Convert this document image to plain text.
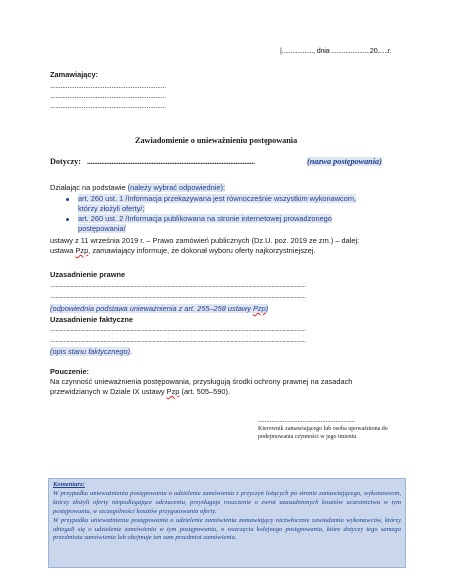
|.................., dnia ......................20......r.
Zamawiający:
..................................................................
..................................................................
..................................................................
Zawiadomienie o unieważnieniu postępowania
Dotyczy: ................................................................................................	(nazwa postępowania)
Działając na podstawie (należy wybrać odpowiednie):
art. 260 ust. 1 /Informacja przekazywana jest równocześnie wszystkim wykonawcom,
którzy złożyli oferty/;
art. 260 ust. 2 /Informacja publikowana na stronie internetowej prowadzonego
postępowania/
ustawy z 11 września 2019 r. – Prawo zamówień publicznych (Dz.U. poz. 2019 ze zm.) – dalej:
ustawa Pzp, zamawiający informuje, że dokonał wyboru oferty najkorzystniejszej.
Uzasadnienie prawne
...........................................................................................................................................................................................
...........................................................................................................................................................................................
(odpowiednia podstawa unieważnienia z art. 255–258 ustawy Pzp)
Uzasadnienie faktyczne
...........................................................................................................................................................................................
...........................................................................................................................................................................................
(opis stanu faktycznego).
Pouczenie:
Na czynność unieważnienia postępowania, przysługują środki ochrony prawnej na zasadach
przewidzianych w Dziale IX ustawy Pzp (art. 505–590).
...........................................................
Kierownik zamawiającego lub osoba upoważniona do
podejmowania czynności w jego imieniu
Komentarz:
W przypadku unieważnienia postępowania o udzielenie zamówienia z przyczyn leżących po stronie zamawiającego, wykonawcom, którzy złożyli oferty niepodlegające odrzuceniu, przysługuje roszczenie o zwrot uzasadnionych kosztów uczestnictwa w tym postępowaniu, w szczególności kosztów przygotowania oferty.
W przypadku unieważnienia postępowania o udzielenie zamówienia zamawiający niezwłocznie zawiadamia wykonawców, którzy ubiegali się o udzielenie zamówienia w tym postępowaniu, o wszczęciu kolejnego postępowania, które dotyczy tego samego przedmiotu zamówienia lub obejmuje ten sam przedmiot zamówienia.
